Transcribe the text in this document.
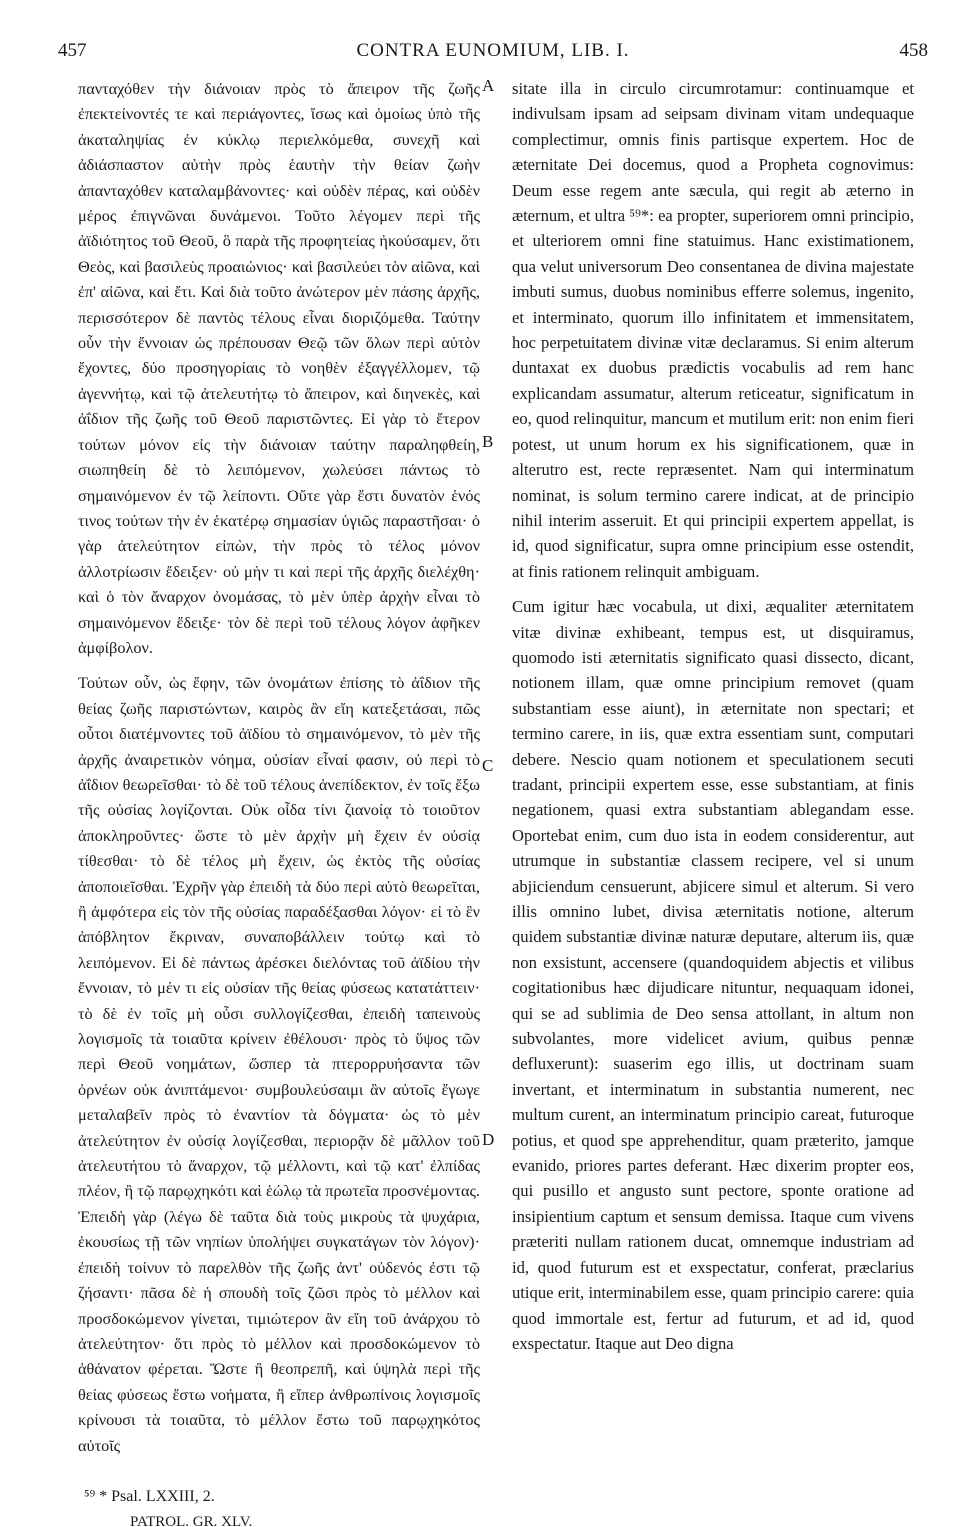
457	CONTRA EUNOMIUM, LIB. I.	458

πανταχόθεν τὴν διάνοιαν πρὸς τὸ ἄπειρον τῆς ζωῆς ἐπεκτείνοντές τε καὶ περιάγοντες, ἴσως καὶ ὁμοίως ὑπὸ τῆς ἀκαταληψίας ἐν κύκλῳ περιελκόμεθα, συνεχῆ καὶ ἀδιάσπαστον αὐτὴν πρὸς ἑαυτὴν τὴν θείαν ζωὴν ἀπανταχόθεν καταλαμβάνοντες· καὶ οὐδὲν πέρας, καὶ οὐδὲν μέρος ἐπιγνῶναι δυνάμενοι. Τοῦτο λέγομεν περὶ τῆς ἀϊδιότητος τοῦ Θεοῦ, ὃ παρὰ τῆς προφητείας ἠκούσαμεν, ὅτι Θεὸς, καὶ βασιλεὺς προαιώνιος· καὶ βασιλεύει τὸν αἰῶνα, καὶ ἐπ' αἰῶνα, καὶ ἔτι. Καὶ διὰ τοῦτο ἀνώτερον μὲν πάσης ἀρχῆς, περισσότερον δὲ παντὸς τέλους εἶναι διοριζόμεθα. Ταύτην οὖν τὴν ἔννοιαν ὡς πρέπουσαν Θεῷ τῶν ὅλων περὶ αὐτὸν ἔχοντες, δύο προσηγορίαις τὸ νοηθὲν ἐξαγγέλλομεν, τῷ ἀγεννήτῳ, καὶ τῷ ἀτελευτήτῳ τὸ ἄπειρον, καὶ διηνεκὲς, καὶ ἀΐδιον τῆς ζωῆς τοῦ Θεοῦ παριστῶντες. Εἰ γὰρ τὸ ἕτερον τούτων μόνον εἰς τὴν διάνοιαν ταύτην παραληφθείη, σιωπηθείη δὲ τὸ λειπόμενον, χωλεύσει πάντως τὸ σημαινόμενον ἐν τῷ λείποντι. Οὔτε γὰρ ἔστι δυνατὸν ἑνός τινος τούτων τὴν ἐν ἑκατέρῳ σημασίαν ὑγιῶς παραστῆσαι· ὁ γὰρ ἀτελεύτητον εἰπὼν, τὴν πρὸς τὸ τέλος μόνον ἀλλοτρίωσιν ἔδειξεν· οὐ μὴν τι καὶ περὶ τῆς ἀρχῆς διελέχθη· καὶ ὁ τὸν ἄναρχον ὀνομάσας, τὸ μὲν ὑπὲρ ἀρχὴν εἶναι τὸ σημαινόμενον ἔδειξε· τὸν δὲ περὶ τοῦ τέλους λόγον ἀφῆκεν ἀμφίβολον.

Τούτων οὖν, ὡς ἔφην, τῶν ὀνομάτων ἐπίσης τὸ ἀΐδιον τῆς θείας ζωῆς παριστώντων, καιρὸς ἂν εἴη κατεξετάσαι, πῶς οὗτοι διατέμνοντες τοῦ ἀϊδίου τὸ σημαινόμενον, τὸ μὲν τῆς ἀρχῆς ἀναιρετικὸν νόημα, οὐσίαν εἶναί φασιν, οὐ περὶ τὸ ἀΐδιον θεωρεῖσθαι· τὸ δὲ τοῦ τέλους ἀνεπίδεκτον, ἐν τοῖς ἔξω τῆς οὐσίας λογίζονται. Οὐκ οἶδα τίνι ζιανοίᾳ τὸ τοιοῦτον ἀποκληροῦντες· ὥστε τὸ μὲν ἀρχὴν μὴ ἔχειν ἐν οὐσίᾳ τίθεσθαι· τὸ δὲ τέλος μὴ ἔχειν, ὡς ἐκτὸς τῆς οὐσίας ἀποποιεῖσθαι. Ἐχρῆν γὰρ ἐπειδὴ τὰ δύο περὶ αὐτὸ θεωρεῖται, ἢ ἀμφότερα εἰς τὸν τῆς οὐσίας παραδέξασθαι λόγον· εἰ τὸ ἓν ἀπόβλητον ἔκριναν, συναποβάλλειν τούτῳ καὶ τὸ λειπόμενον. Εἰ δὲ πάντως ἀρέσκει διελόντας τοῦ ἀϊδίου τὴν ἔννοιαν, τὸ μέν τι εἰς οὐσίαν τῆς θείας φύσεως κατατάττειν· τὸ δὲ ἐν τοῖς μὴ οὖσι συλλογίζεσθαι, ἐπειδὴ ταπεινοὺς λογισμοῖς τὰ τοιαῦτα κρίνειν ἐθέλουσι· πρὸς τὸ ὕψος τῶν περὶ Θεοῦ νοημάτων, ὥσπερ τὰ πτερορρυήσαντα τῶν ὀρνέων οὐκ ἀνιπτάμενοι· συμβουλεύσαιμι ἂν αὐτοῖς ἔγωγε μεταλαβεῖν πρὸς τὸ ἐναντίον τὰ δόγματα· ὡς τὸ μὲν ἀτελεύτητον ἐν οὐσίᾳ λογίζεσθαι, περιορᾷν δὲ μᾶλλον τοῦ ἀτελευτήτου τὸ ἄναρχον, τῷ μέλλοντι, καὶ τῷ κατ' ἐλπίδας πλέον, ἢ τῷ παρῳχηκότι καὶ ἑώλῳ τὰ πρωτεῖα προσνέμοντας. Ἐπειδὴ γὰρ (λέγω δὲ ταῦτα διὰ τοὺς μικροὺς τὰ ψυχάρια, ἑκουσίως τῇ τῶν νηπίων ὑπολήψει συγκατάγων τὸν λόγον)· ἐπειδὴ τοίνυν τὸ παρελθὸν τῆς ζωῆς ἀντ' οὐδενός ἐστι τῷ ζήσαντι· πᾶσα δὲ ἡ σπουδὴ τοῖς ζῶσι πρὸς τὸ μέλλον καὶ προσδοκώμενον γίνεται, τιμιώτερον ἂν εἴη τοῦ ἀνάρχου τὸ ἀτελεύτητον· ὅτι πρὸς τὸ μέλλον καὶ προσδοκώμενον τὸ ἀθάνατον φέρεται. Ὥστε ἢ θεοπρεπῆ, καὶ ὑψηλὰ περὶ τῆς θείας φύσεως ἔστω νοήματα, ἢ εἴπερ ἀνθρωπίνοις λογισμοῖς κρίνουσι τὰ τοιαῦτα, τὸ μέλλον ἔστω τοῦ παρῳχηκότος αὐτοῖς

A
B
C
D

sitate illa in circulo circumrotamur: continuamque et indivulsam ipsam ad seipsam divinam vitam undequaque complectimur, omnis finis partisque expertem. Hoc de æternitate Dei docemus, quod a Propheta cognovimus: Deum esse regem ante sæcula, qui regit ab æterno in æternum, et ultra ⁵⁹*: ea propter, superiorem omni principio, et ulteriorem omni fine statuimus. Hanc existimationem, qua velut universorum Deo consentanea de divina majestate imbuti sumus, duobus nominibus efferre solemus, ingenito, et interminato, quorum illo infinitatem et immensitatem, hoc perpetuitatem divinæ vitæ declaramus. Si enim alterum duntaxat ex duobus prædictis vocabulis ad rem hanc explicandam assumatur, alterum reticeatur, significatum in eo, quod relinquitur, mancum et mutilum erit: non enim fieri potest, ut unum horum ex his significationem, quæ in alterutro est, recte repræsentet. Nam qui interminatum nominat, is solum termino carere indicat, at de principio nihil interim asseruit. Et qui principii expertem appellat, is id, quod significatur, supra omne principium esse ostendit, at finis rationem relinquit ambiguam.

Cum igitur hæc vocabula, ut dixi, æqualiter æternitatem vitæ divinæ exhibeant, tempus est, ut disquiramus, quomodo isti æternitatis significato quasi dissecto, dicant, notionem illam, quæ omne principium removet (quam substantiam esse aiunt), in æternitate non spectari; et termino carere, in iis, quæ extra essentiam sunt, computari debere. Nescio quam notionem et speculationem secuti tradant, principii expertem esse, esse substantiam, at finis negationem, quasi extra substantiam ablegandam esse. Oportebat enim, cum duo ista in eodem considerentur, aut utrumque in substantiæ classem recipere, vel si unum abjiciendum censuerunt, abjicere simul et alterum. Si vero illis omnino lubet, divisa æternitatis notione, alterum quidem substantiæ divinæ naturæ deputare, alterum iis, quæ non exsistunt, accensere (quandoquidem abjectis et vilibus cogitationibus hæc dijudicare nituntur, nequaquam idonei, qui se ad sublimia de Deo sensa attollant, in altum non subvolantes, more videlicet avium, quibus pennæ defluxerunt): suaserim ego illis, ut doctrinam suam invertant, et interminatum in substantia numerent, nec multum curent, an interminatum principio careat, futuroque potius, et quod spe apprehenditur, quam præterito, jamque evanido, priores partes deferant. Hæc dixerim propter eos, qui pusillo et angusto sunt pectore, sponte oratione ad insipientium captum et sensum demissa. Itaque cum vivens præteriti nullam rationem ducat, omnemque industriam ad id, quod futurum est et exspectatur, conferat, præclarius utique erit, interminabilem esse, quam principio carere: quia quod immortale est, fertur ad futurum, et ad id, quod exspectatur. Itaque aut Deo digna

⁵⁹ * Psal. LXXIII, 2.
PATROL. GR. XLV.
